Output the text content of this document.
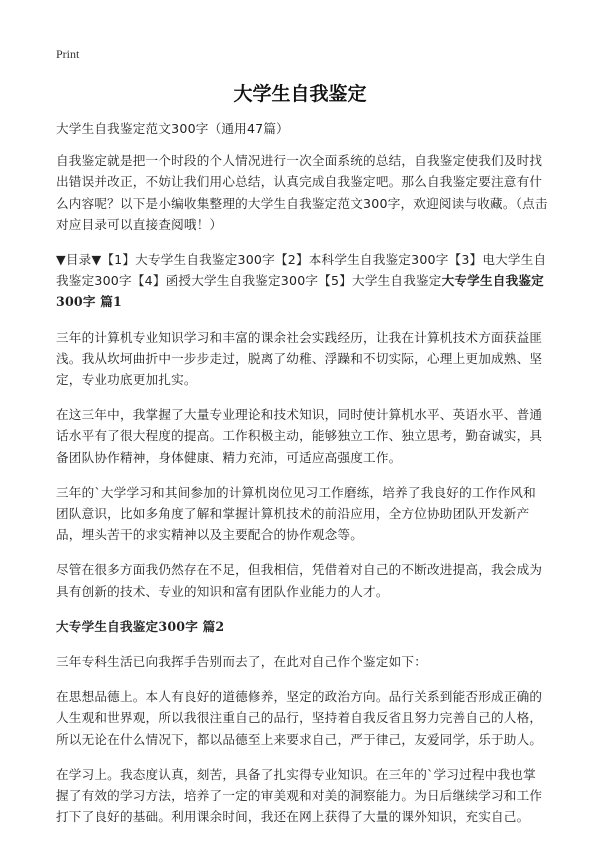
Print
大学生自我鉴定

大学生自我鉴定范文300字（通用47篇）

自我鉴定就是把一个时段的个人情况进行一次全面系统的总结，自我鉴定使我们及时找出错误并改正，不妨让我们用心总结，认真完成自我鉴定吧。那么自我鉴定要注意有什么内容呢？以下是小编收集整理的大学生自我鉴定范文300字，欢迎阅读与收藏。（点击对应目录可以直接查阅哦！）

▼目录▼【1】大专学生自我鉴定300字【2】本科学生自我鉴定300字【3】电大学生自我鉴定300字【4】函授大学生自我鉴定300字【5】大学生自我鉴定大专学生自我鉴定300字 篇1

三年的计算机专业知识学习和丰富的课余社会实践经历，让我在计算机技术方面获益匪浅。我从坎坷曲折中一步步走过，脱离了幼稚、浮躁和不切实际，心理上更加成熟、坚定，专业功底更加扎实。

在这三年中，我掌握了大量专业理论和技术知识，同时使计算机水平、英语水平、普通话水平有了很大程度的提高。工作积极主动，能够独立工作、独立思考，勤奋诚实，具备团队协作精神，身体健康、精力充沛，可适应高强度工作。

三年的`大学学习和其间参加的计算机岗位见习工作磨练，培养了我良好的工作作风和团队意识，比如多角度了解和掌握计算机技术的前沿应用，全方位协助团队开发新产品，埋头苦干的求实精神以及主要配合的协作观念等。

尽管在很多方面我仍然存在不足，但我相信，凭借着对自己的不断改进提高，我会成为具有创新的技术、专业的知识和富有团队作业能力的人才。

大专学生自我鉴定300字 篇2

三年专科生活已向我挥手告别而去了，在此对自己作个鉴定如下：

在思想品德上。本人有良好的道德修养，坚定的政治方向。品行关系到能否形成正确的人生观和世界观，所以我很注重自己的品行，坚持着自我反省且努力完善自己的人格，所以无论在什么情况下，都以品德至上来要求自己，严于律己，友爱同学，乐于助人。

在学习上。我态度认真，刻苦，具备了扎实得专业知识。在三年的`学习过程中我也掌握了有效的学习方法，培养了一定的审美观和对美的洞察能力。为日后继续学习和工作打下了良好的基础。利用课余时间，我还在网上获得了大量的课外知识，充实自己。
